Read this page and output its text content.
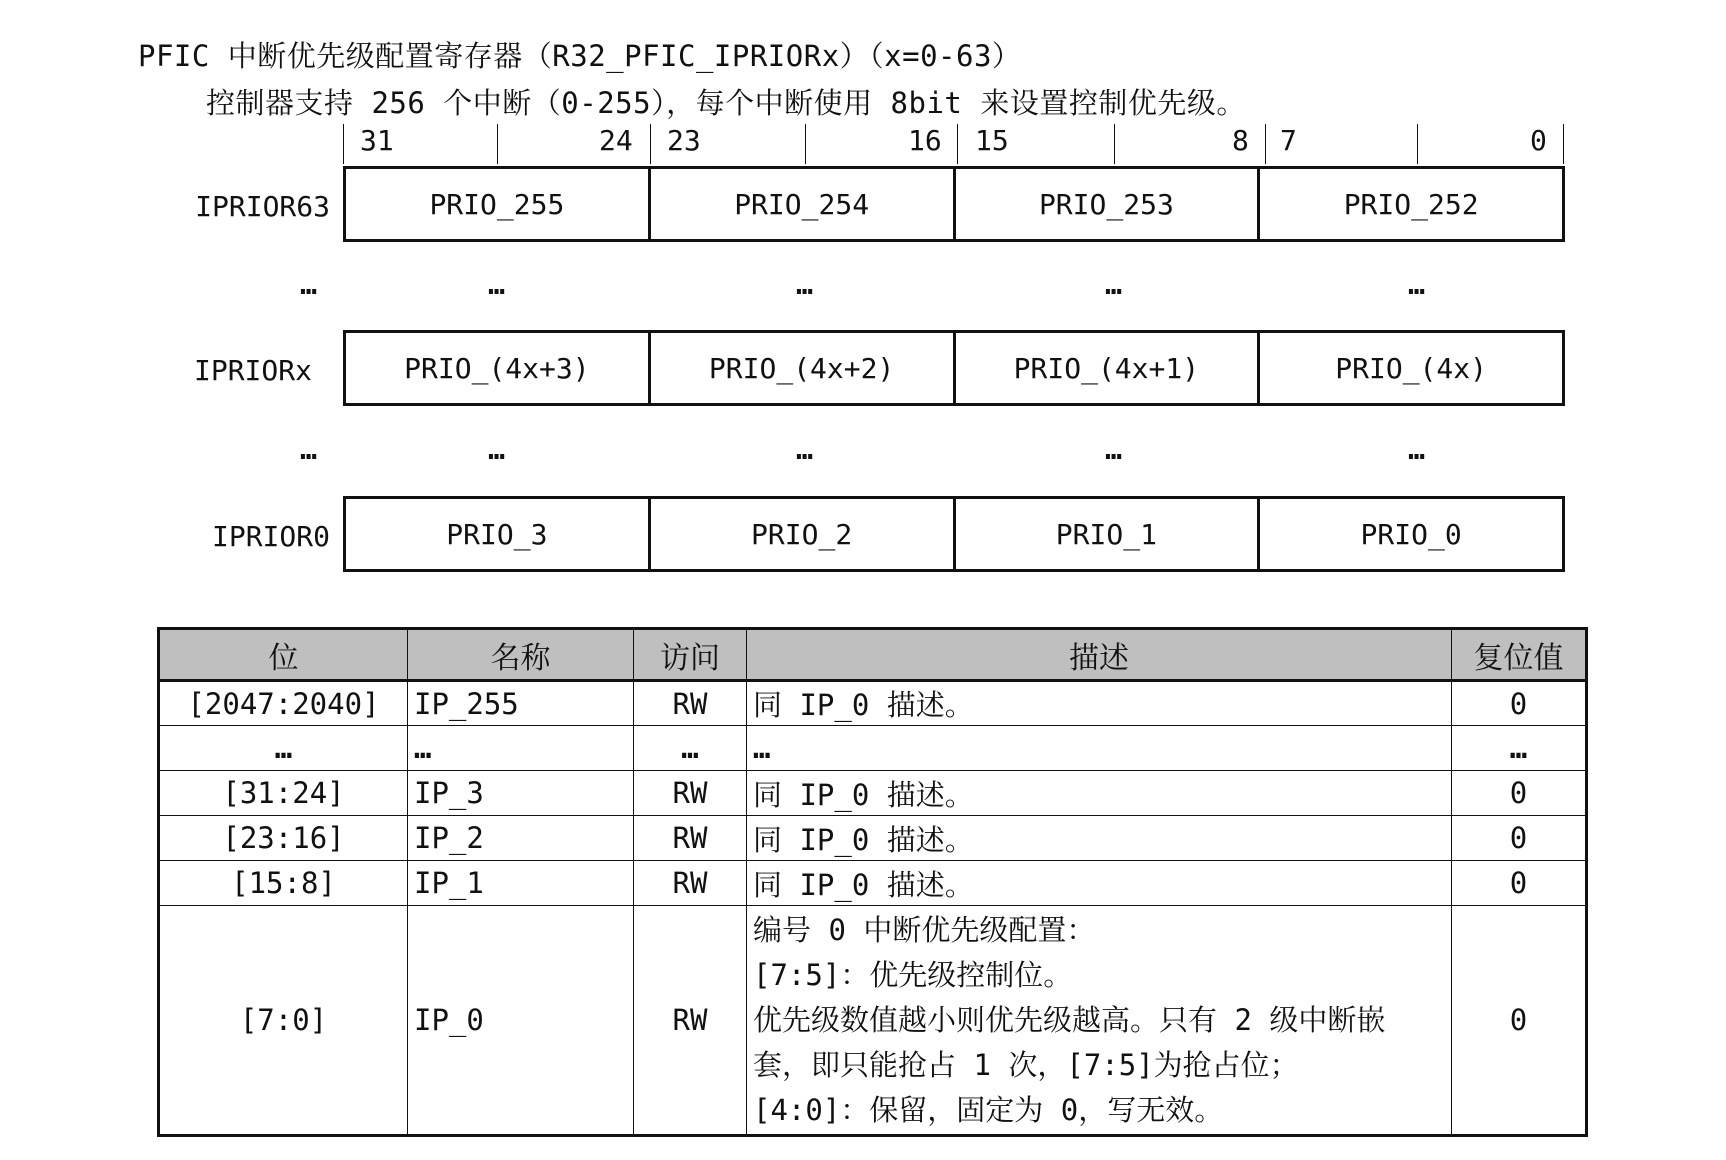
PFIC 中断优先级配置寄存器（R32_PFIC_IPRIORx）（x=0-63）
控制器支持 256 个中断（0-255），每个中断使用 8bit 来设置控制优先级。
31	24 23	16 15	8 7	0
IPRIOR63	PRIO_255	PRIO_254	PRIO_253	PRIO_252
…	…	…	…	…
IPRIORx	PRIO_(4x+3)	PRIO_(4x+2)	PRIO_(4x+1)	PRIO_(4x)
…	…	…	…	…
IPRIOR0	PRIO_3	PRIO_2	PRIO_1	PRIO_0
位	名称	访问	描述	复位值
[2047:2040]	IP_255	RW	同 IP_0 描述。	0
…	…	…	…	…
[31:24]	IP_3	RW	同 IP_0 描述。	0
[23:16]	IP_2	RW	同 IP_0 描述。	0
[15:8]	IP_1	RW	同 IP_0 描述。	0
[7:0]	IP_0	RW	编号 0 中断优先级配置：
[7:5]：优先级控制位。
优先级数值越小则优先级越高。只有 2 级中断嵌
套，即只能抢占 1 次，[7:5]为抢占位；
[4:0]：保留，固定为 0，写无效。	0
